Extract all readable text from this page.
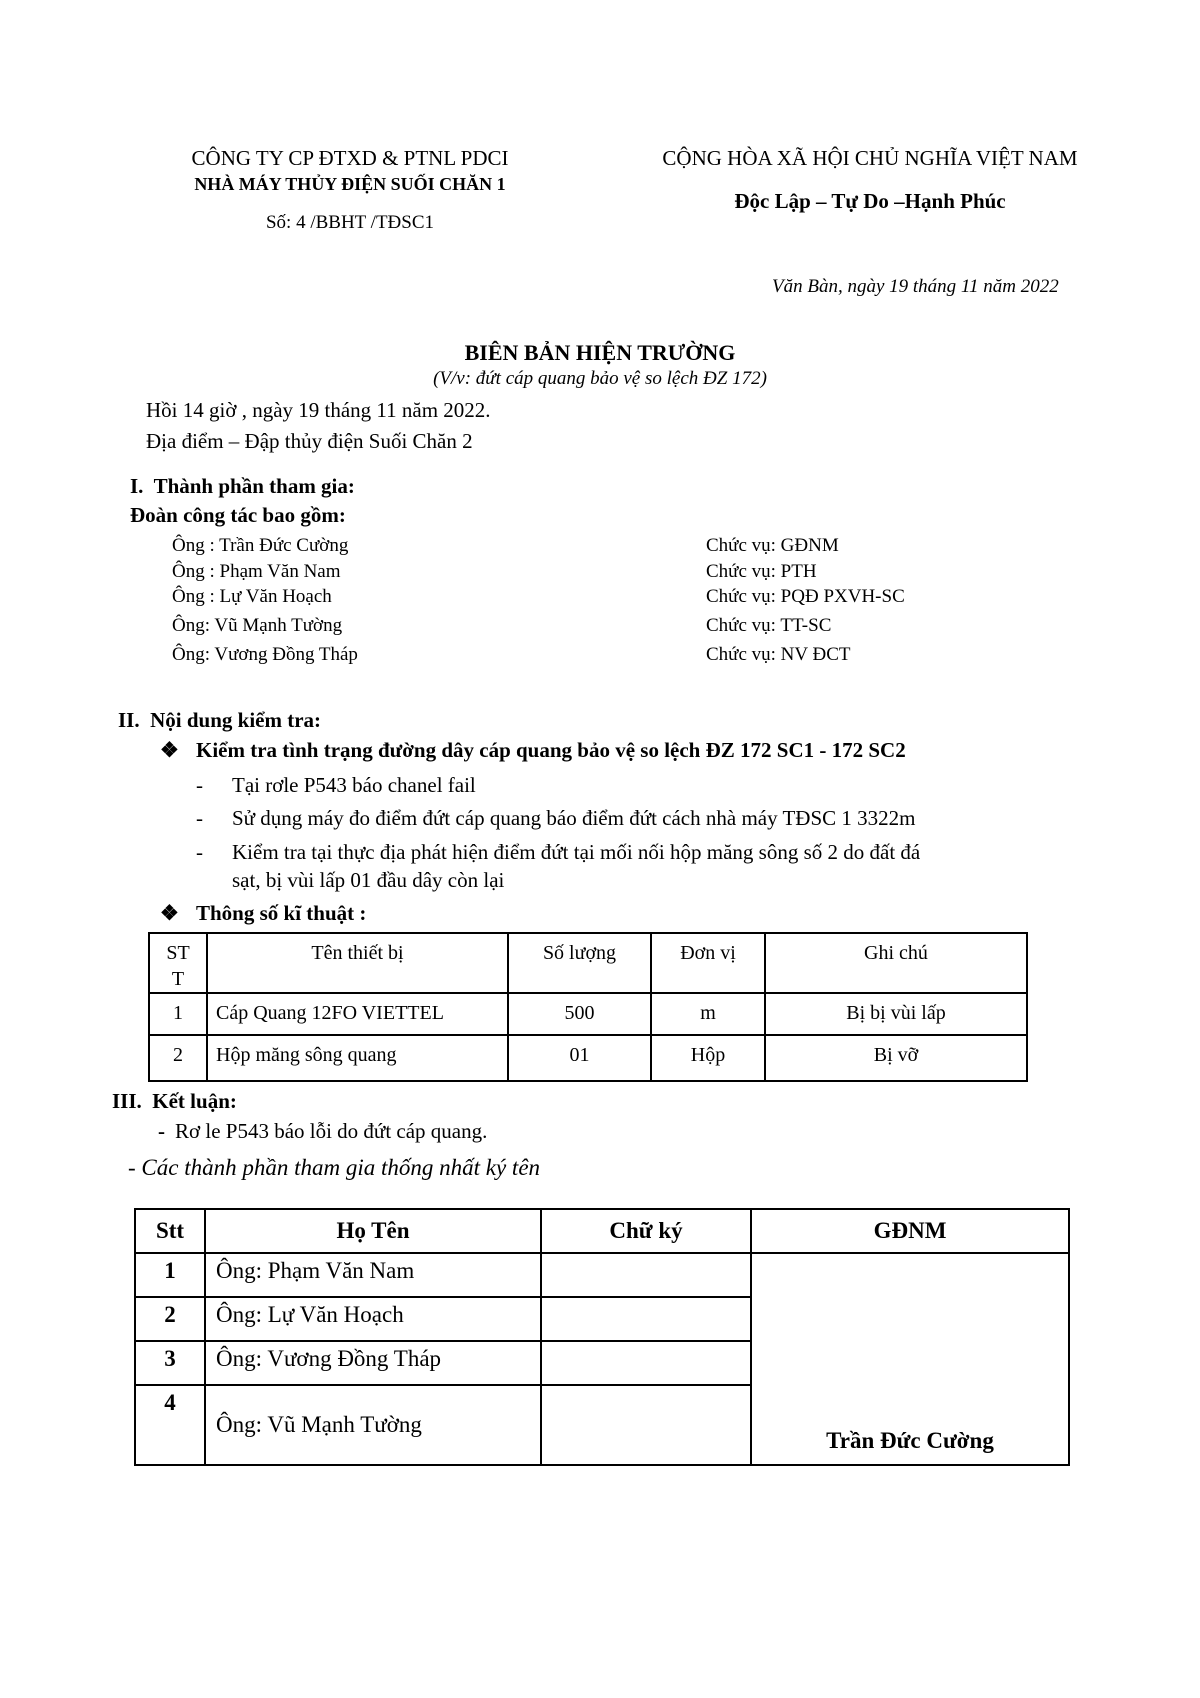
CÔNG TY CP ĐTXD & PTNL PDCI
NHÀ MÁY THỦY ĐIỆN SUỐI CHĂN 1
Số: 4 /BBHT /TĐSC1
CỘNG HÒA XÃ HỘI CHỦ NGHĨA VIỆT NAM
Độc Lập – Tự Do –Hạnh Phúc
Văn Bàn, ngày 19 tháng 11 năm 2022
BIÊN BẢN HIỆN TRƯỜNG
(V/v: đứt cáp quang bảo vệ so lệch ĐZ 172)
Hồi 14 giờ , ngày 19 tháng 11 năm 2022.
Địa điểm – Đập thủy điện Suối Chăn 2
I. Thành phần tham gia:
Đoàn công tác bao gồm:
Ông : Trần Đức Cường	Chức vụ: GĐNM
Ông : Phạm Văn Nam	Chức vụ: PTH
Ông : Lự Văn Hoạch	Chức vụ: PQĐ PXVH-SC
Ông: Vũ Mạnh Tường	Chức vụ: TT-SC
Ông: Vương Đồng Tháp	Chức vụ: NV ĐCT
II. Nội dung kiểm tra:
❖ Kiểm tra tình trạng đường dây cáp quang bảo vệ so lệch ĐZ 172 SC1 - 172 SC2
- Tại rơle P543 báo chanel fail
- Sử dụng máy đo điểm đứt cáp quang báo điểm đứt cách nhà máy TĐSC 1 3322m
- Kiểm tra tại thực địa phát hiện điểm đứt tại mối nối hộp măng sông số 2 do đất đá
sạt, bị vùi lấp 01 đầu dây còn lại
❖ Thông số kĩ thuật :
ST
T	Tên thiết bị	Số lượng	Đơn vị	Ghi chú
1	Cáp Quang 12FO VIETTEL	500	m	Bị bị vùi lấp
2	Hộp măng sông quang	01	Hộp	Bị vỡ
III. Kết luận:
- Rơ le P543 báo lỗi do đứt cáp quang.
- Các thành phần tham gia thống nhất ký tên
Stt	Họ Tên	Chữ ký	GĐNM
1	Ông: Phạm Văn Nam		Trần Đức Cường
2	Ông: Lự Văn Hoạch		
3	Ông: Vương Đồng Tháp		
4	Ông: Vũ Mạnh Tường		
